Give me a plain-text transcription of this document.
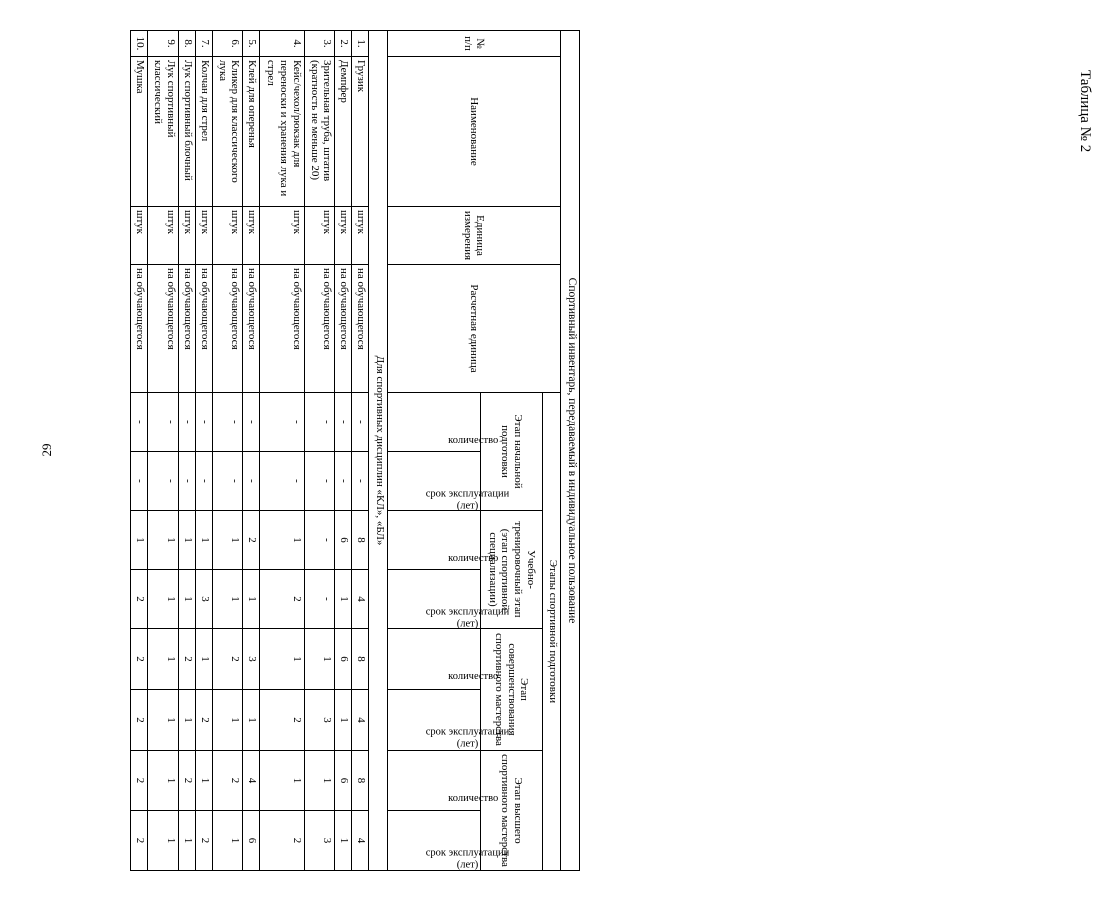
29
Таблица № 2
Спортивный инвентарь, передаваемый в индивидуальное пользование											
№ п/п	Наименование	Единица измерения	Расчетная единица	Этапы спортивной подготовки							
				Этап начальной подготовки		Учебно-тренировочный этап (этап спортивной специализации)		Этап совершенствования спортивного мастерства		Этап высшего спортивного мастерства	

				количество	срок эксплуатации (лет)	количество	срок эксплуатации (лет)	количество	срок эксплуатации (лет)	количество	срок эксплуатации (лет)

Для спортивных дисциплин «КЛ», «БЛ»											
1.	Грузик	штук	на обучающегося	-	-	8	4	8	4	8	4
2.	Демпфер	штук	на обучающегося	-	-	6	1	6	1	6	1
3.	Зрительная труба, штатив (кратность не меньше 20)	штук	на обучающегося	-	-	-	-	1	3	1	3
4.	Кейс/чехол/рюкзак для переноски и хранения лука и стрел	штук	на обучающегося	-	-	1	2	1	2	1	2
5.	Клей для оперенья	штук	на обучающегося	-	-	2	1	3	1	4	6
6.	Кликер для классического лука	штук	на обучающегося	-	-	1	1	2	1	2	1
7.	Колчан для стрел	штук	на обучающегося	-	-	1	3	1	2	1	2
8.	Лук спортивный блочный	штук	на обучающегося	-	-	1	1	2	1	2	1
9.	Лук спортивный классический	штук	на обучающегося	-	-	1	1	1	1	1	1
10.	Мушка	штук	на обучающегося	-	-	1	2	2	2	2	2
